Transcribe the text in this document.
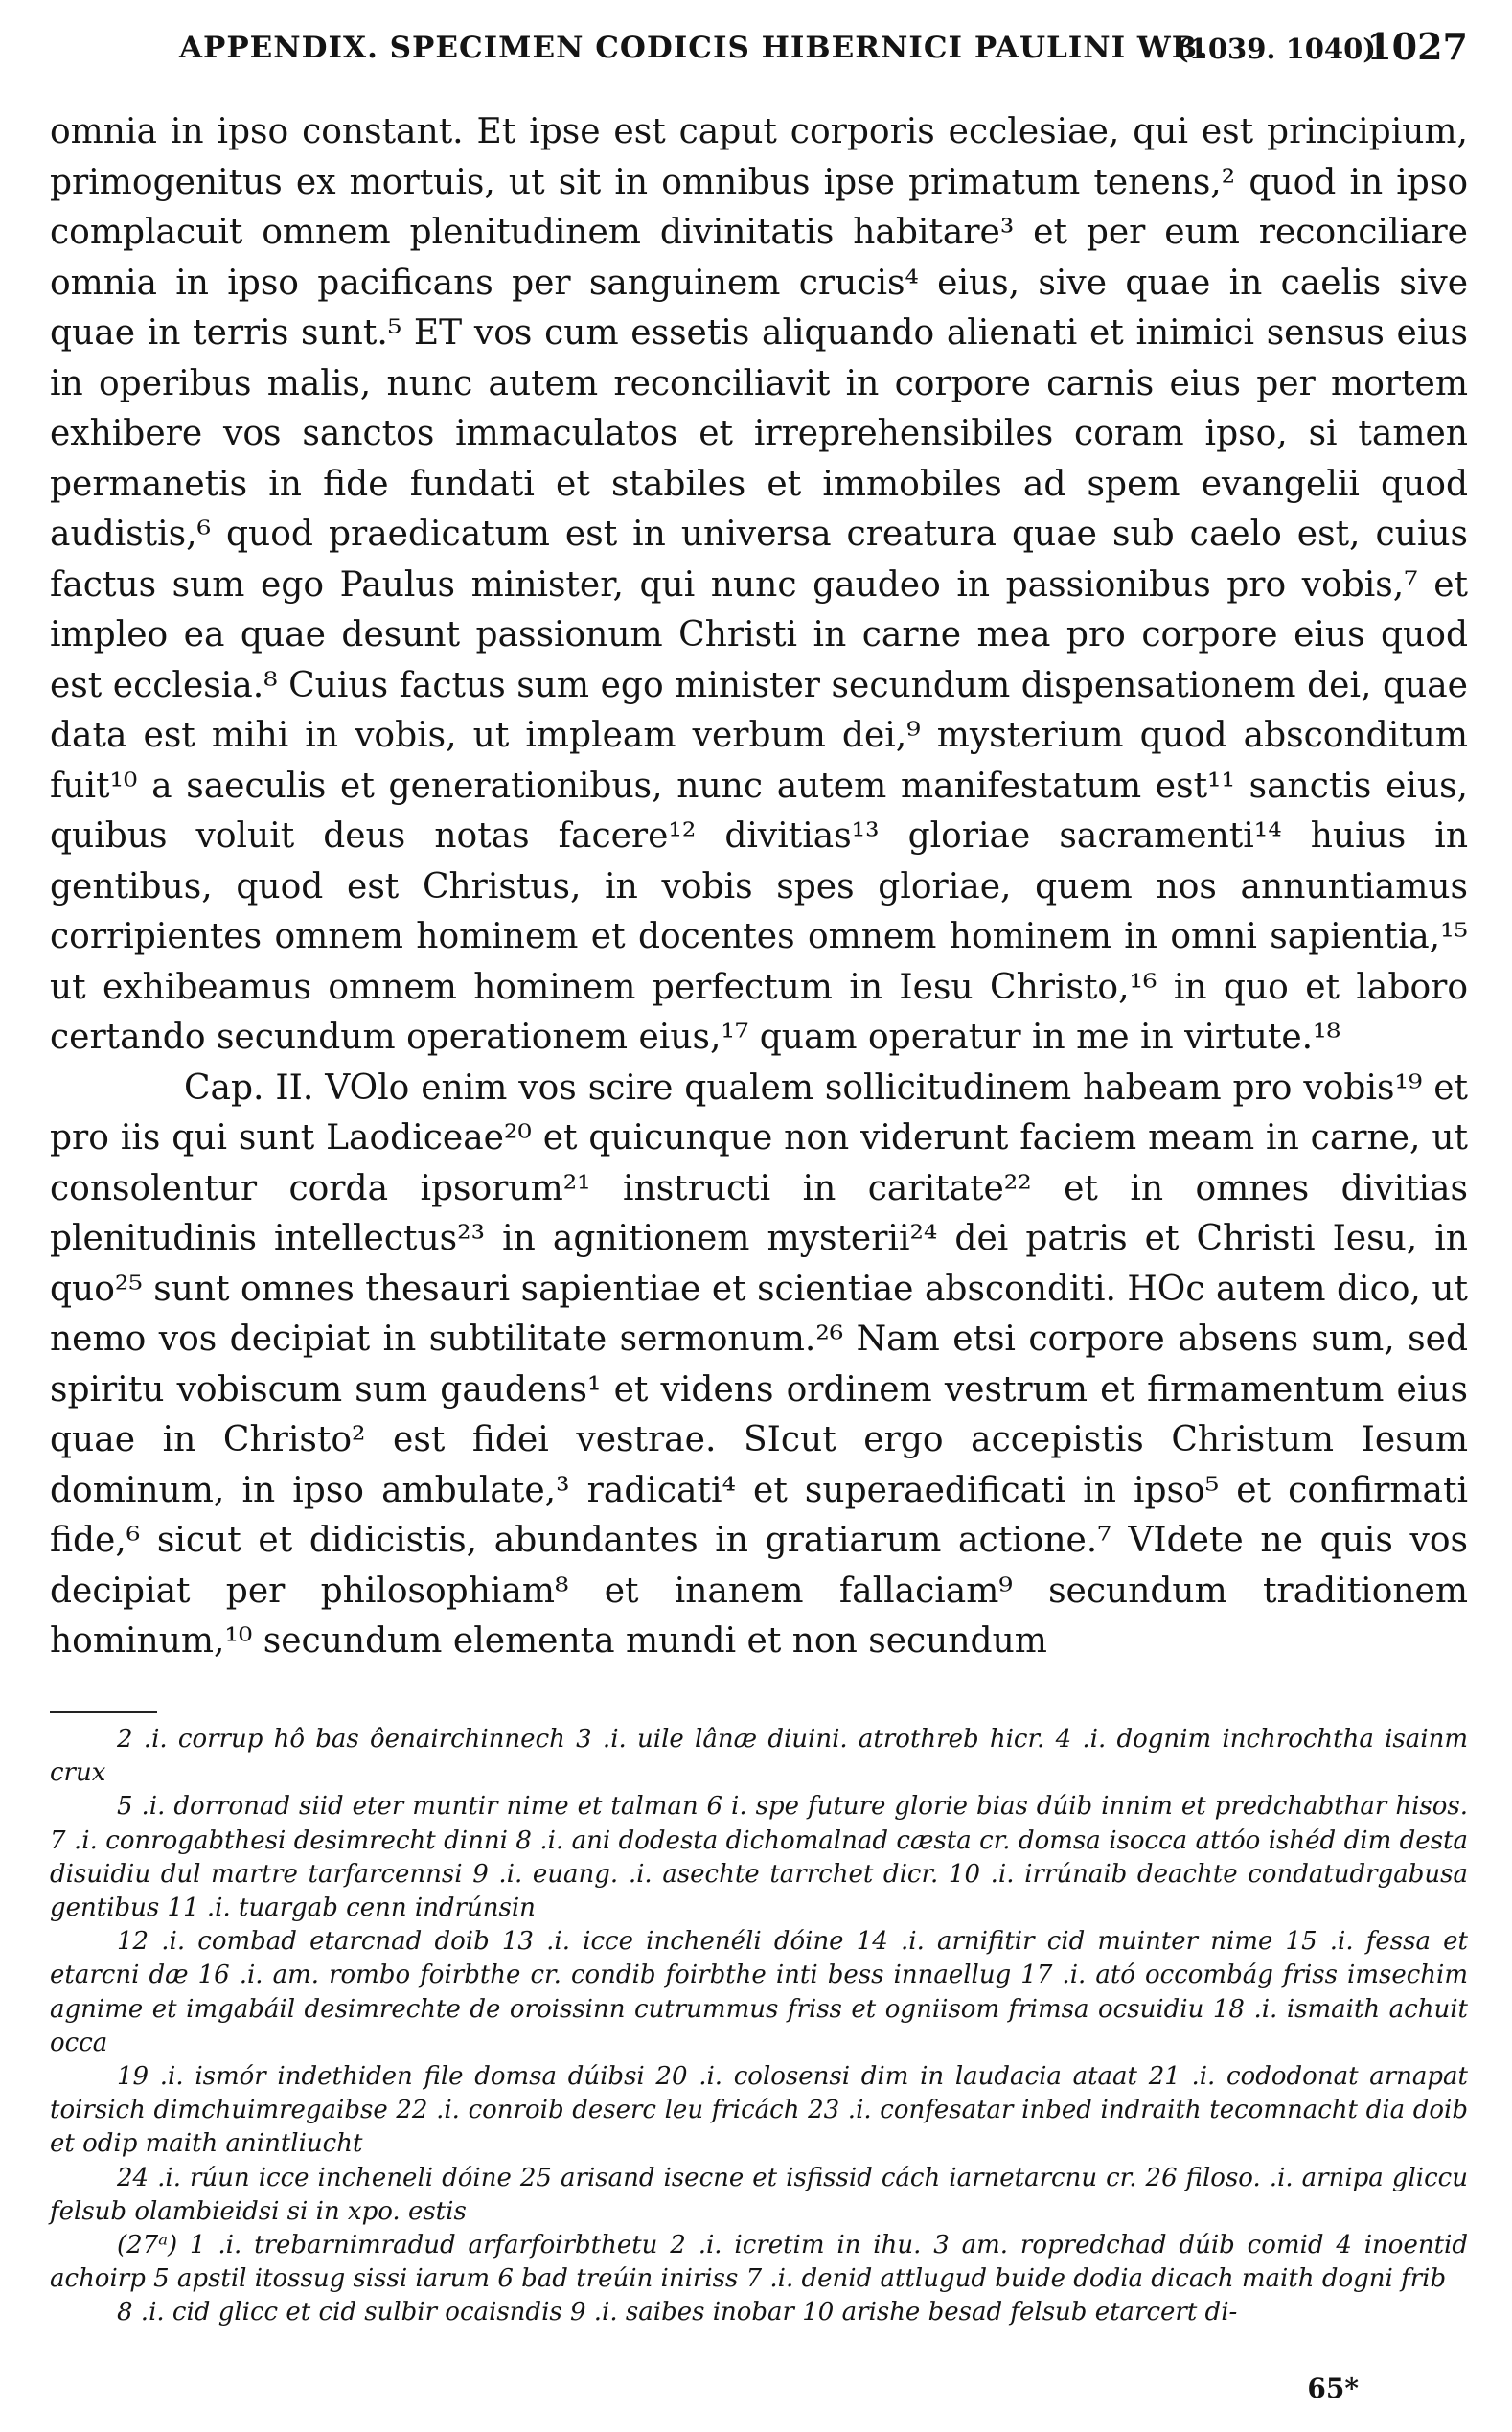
APPENDIX. SPECIMEN CODICIS HIBERNICI PAULINI WB.
(1039. 1040)
1027

omnia in ipso constant. Et ipse est caput corporis ecclesiae, qui est principium, primogenitus ex mortuis, ut sit in omnibus ipse primatum tenens,² quod in ipso complacuit omnem plenitudinem divinitatis habitare³ et per eum reconciliare omnia in ipso pacificans per sanguinem crucis⁴ eius, sive quae in caelis sive quae in terris sunt.⁵ ET vos cum essetis aliquando alienati et inimici sensus eius in operibus malis, nunc autem reconciliavit in corpore carnis eius per mortem exhibere vos sanctos immaculatos et irreprehensibiles coram ipso, si tamen permanetis in fide fundati et stabiles et immobiles ad spem evangelii quod audistis,⁶ quod praedicatum est in universa creatura quae sub caelo est, cuius factus sum ego Paulus minister, qui nunc gaudeo in passionibus pro vobis,⁷ et impleo ea quae desunt passionum Christi in carne mea pro corpore eius quod est ecclesia.⁸ Cuius factus sum ego minister secundum dispensationem dei, quae data est mihi in vobis, ut impleam verbum dei,⁹ mysterium quod absconditum fuit¹⁰ a saeculis et generationibus, nunc autem manifestatum est¹¹ sanctis eius, quibus voluit deus notas facere¹² divitias¹³ gloriae sacramenti¹⁴ huius in gentibus, quod est Christus, in vobis spes gloriae, quem nos annuntiamus corripientes omnem hominem et docentes omnem hominem in omni sapientia,¹⁵ ut exhibeamus omnem hominem perfectum in Iesu Christo,¹⁶ in quo et laboro certando secundum operationem eius,¹⁷ quam operatur in me in virtute.¹⁸

Cap. II. VOlo enim vos scire qualem sollicitudinem habeam pro vobis¹⁹ et pro iis qui sunt Laodiceae²⁰ et quicunque non viderunt faciem meam in carne, ut consolentur corda ipsorum²¹ instructi in caritate²² et in omnes divitias plenitudinis intellectus²³ in agnitionem mysterii²⁴ dei patris et Christi Iesu, in quo²⁵ sunt omnes thesauri sapientiae et scientiae absconditi. HOc autem dico, ut nemo vos decipiat in subtilitate sermonum.²⁶ Nam etsi corpore absens sum, sed spiritu vobiscum sum gaudens¹ et videns ordinem vestrum et firmamentum eius quae in Christo² est fidei vestrae. SIcut ergo accepistis Christum Iesum dominum, in ipso ambulate,³ radicati⁴ et superaedificati in ipso⁵ et confirmati fide,⁶ sicut et didicistis, abundantes in gratiarum actione.⁷ VIdete ne quis vos decipiat per philosophiam⁸ et inanem fallaciam⁹ secundum traditionem hominum,¹⁰ secundum elementa mundi et non secundum

2 .i. corrup hô bas ôenairchinnech 3 .i. uile lânæ diuini. atrothreb hicr. 4 .i. dognim inchrochtha isainm crux

5 .i. dorronad siid eter muntir nime et talman 6 i. spe future glorie bias dúib innim et predchabthar hisos. 7 .i. conrogabthesi desimrecht dinni 8 .i. ani dodesta dichomalnad cæsta cr. domsa isocca attóo ishéd dim desta disuidiu dul martre tarfarcennsi 9 .i. euang. .i. asechte tarrchet dicr. 10 .i. irrúnaib deachte condatudrgabusa gentibus 11 .i. tuargab cenn indrúnsin

12 .i. combad etarcnad doib 13 .i. icce inchenéli dóine 14 .i. arnifitir cid muinter nime 15 .i. fessa et etarcni dæ 16 .i. am. rombo foirbthe cr. condib foirbthe inti bess innaellug 17 .i. ató occombág friss imsechim agnime et imgabáil desimrechte de oroissinn cutrummus friss et ogniisom frimsa ocsuidiu 18 .i. ismaith achuit occa

19 .i. ismór indethiden file domsa dúibsi 20 .i. colosensi dim in laudacia ataat 21 .i. cododonat arnapat toirsich dimchuimregaibse 22 .i. conroib deserc leu fricách 23 .i. confesatar inbed indraith tecomnacht dia doib et odip maith anintliucht

24 .i. rúun icce incheneli dóine 25 arisand isecne et isfissid cách iarnetarcnu cr. 26 filoso. .i. arnipa gliccu felsub olambieidsi si in xpo. estis

(27ᵃ) 1 .i. trebarnimradud arfarfoirbthetu 2 .i. icretim in ihu. 3 am. ropredchad dúib comid 4 inoentid achoirp 5 apstil itossug sissi iarum 6 bad treúin iniriss 7 .i. denid attlugud buide dodia dicach maith dogni frib

8 .i. cid glicc et cid sulbir ocaisndis 9 .i. saibes inobar 10 arishe besad felsub etarcert di-

65*
